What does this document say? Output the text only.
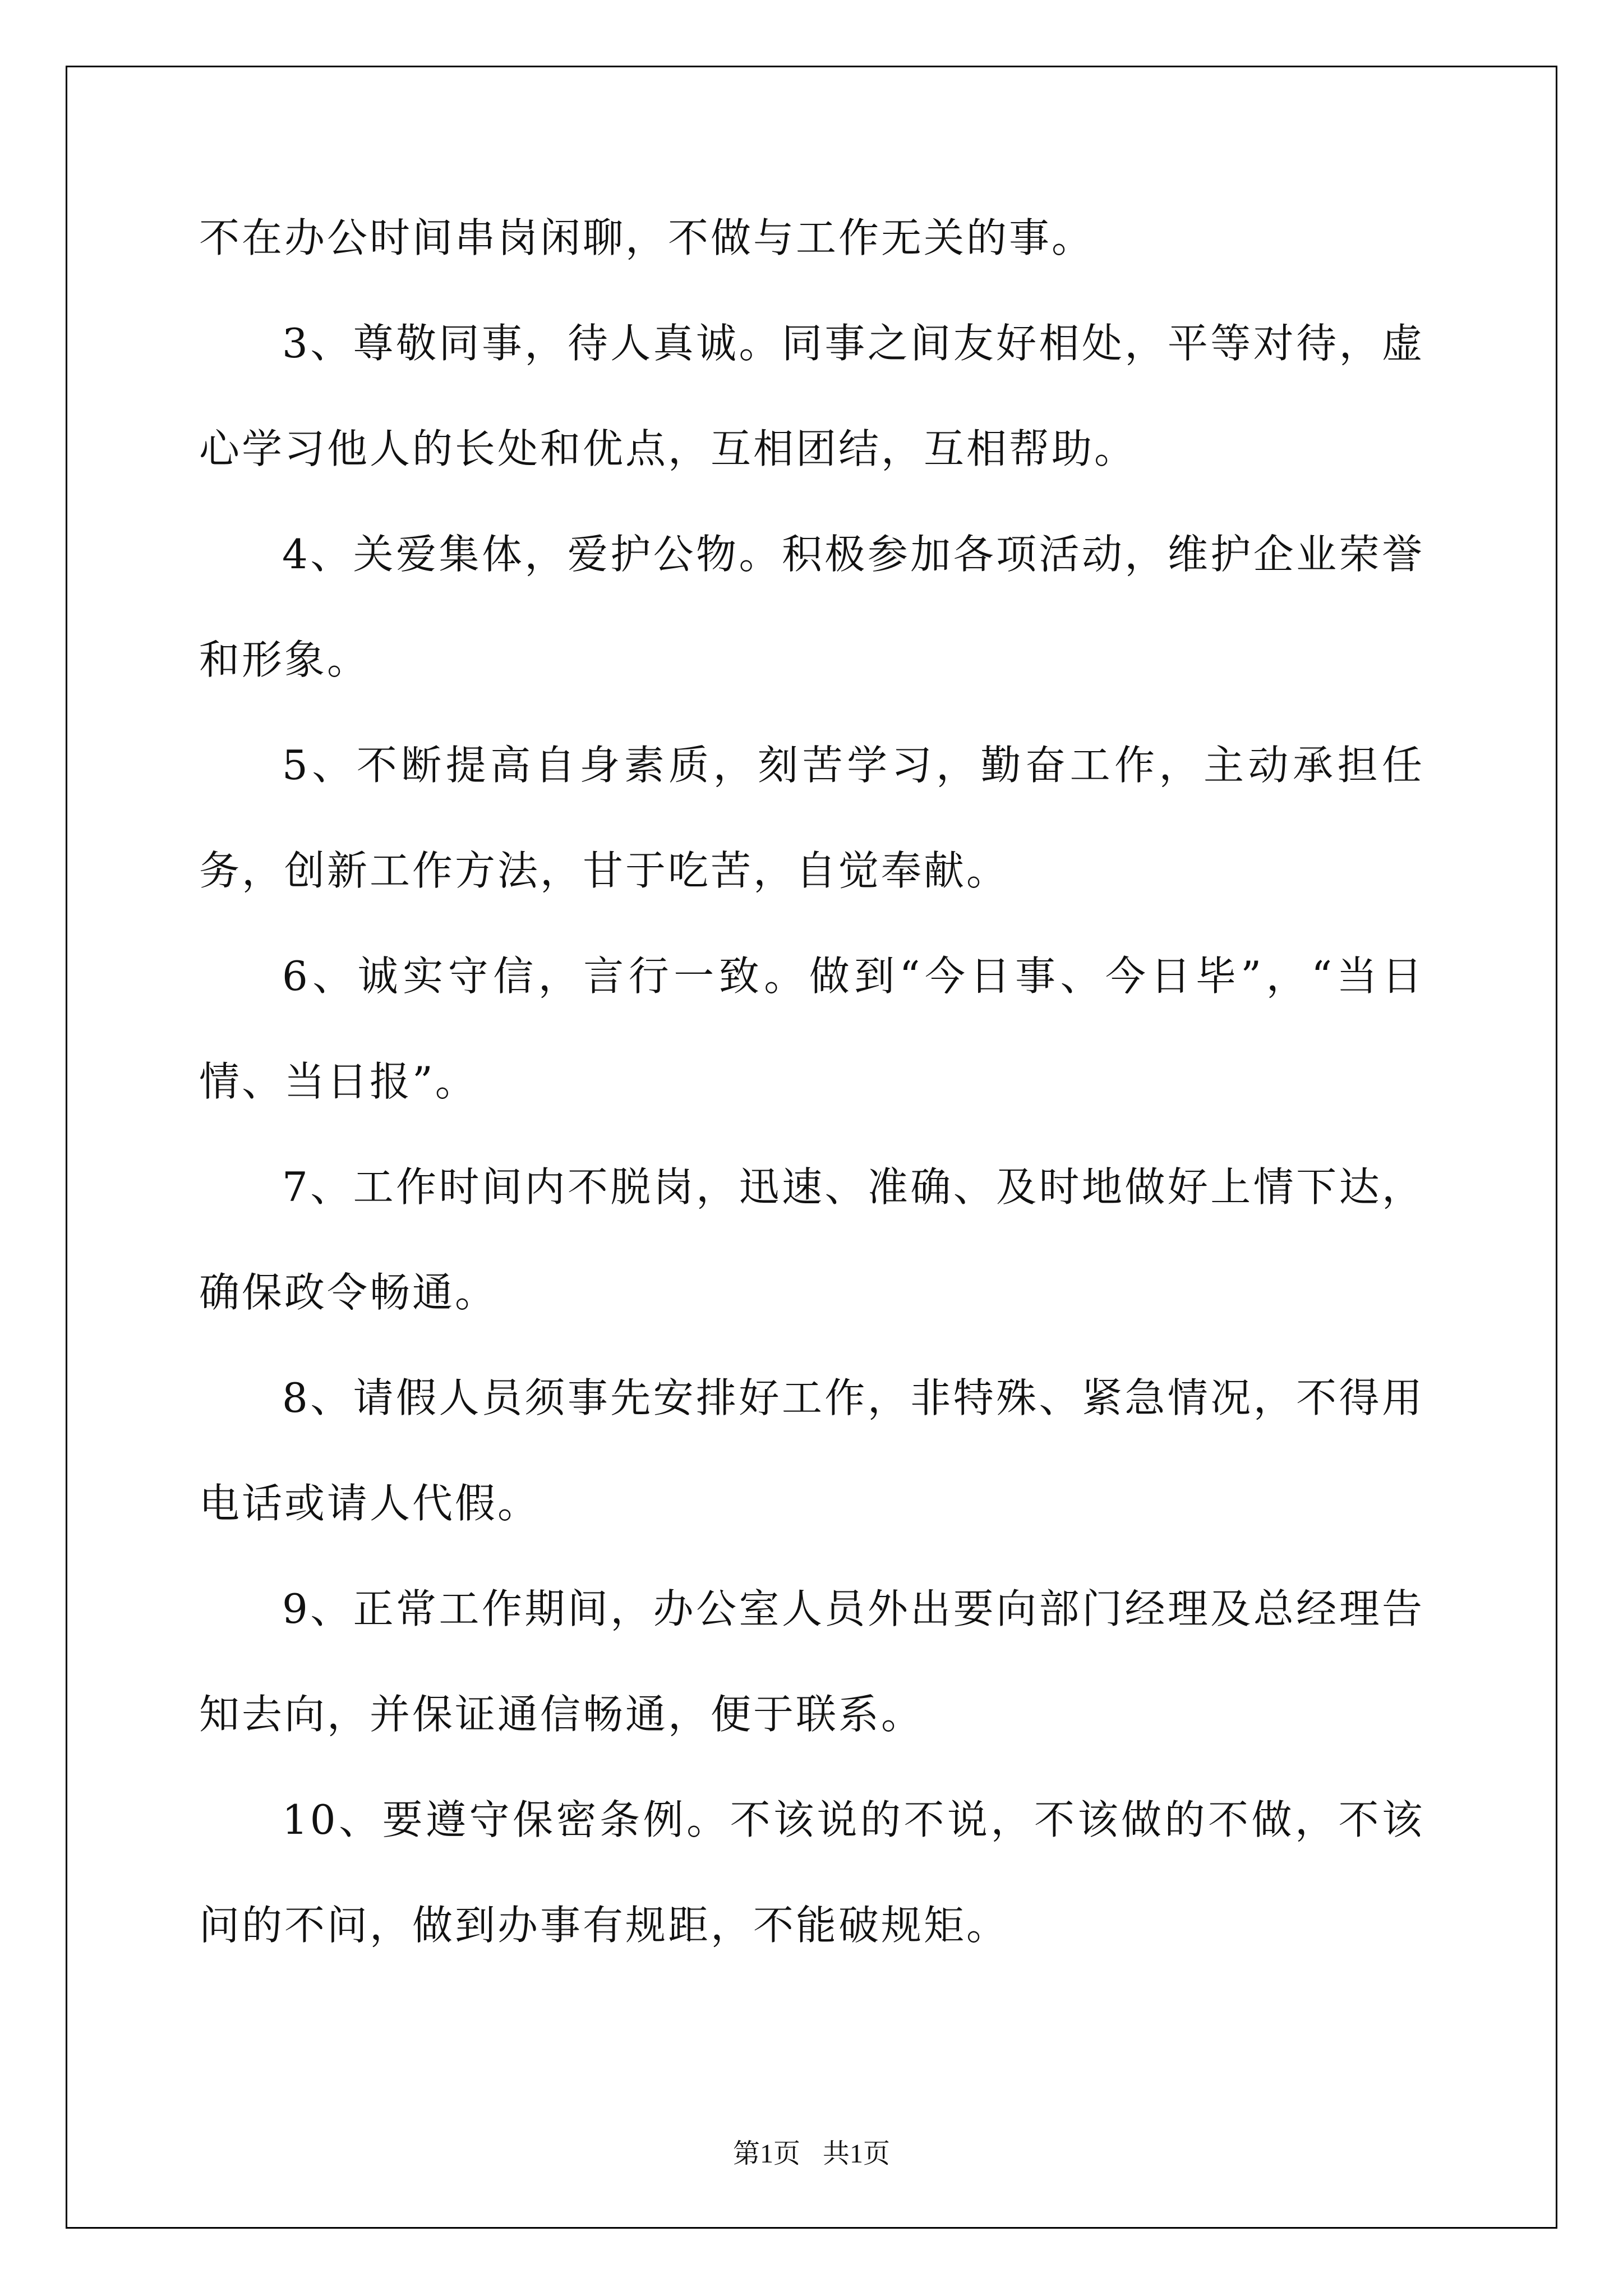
不在办公时间串岗闲聊，不做与工作无关的事。

3、尊敬同事，待人真诚。同事之间友好相处，平等对待，虚心学习他人的长处和优点，互相团结，互相帮助。

4、关爱集体，爱护公物。积极参加各项活动，维护企业荣誉和形象。

5、不断提高自身素质，刻苦学习，勤奋工作，主动承担任务，创新工作方法，甘于吃苦，自觉奉献。

6、诚实守信，言行一致。做到“今日事、今日毕”，“当日情、当日报”。

7、工作时间内不脱岗，迅速、准确、及时地做好上情下达，确保政令畅通。

8、请假人员须事先安排好工作，非特殊、紧急情况，不得用电话或请人代假。

9、正常工作期间，办公室人员外出要向部门经理及总经理告知去向，并保证通信畅通，便于联系。

10、要遵守保密条例。不该说的不说，不该做的不做，不该问的不问，做到办事有规距，不能破规矩。

第1页 共1页
